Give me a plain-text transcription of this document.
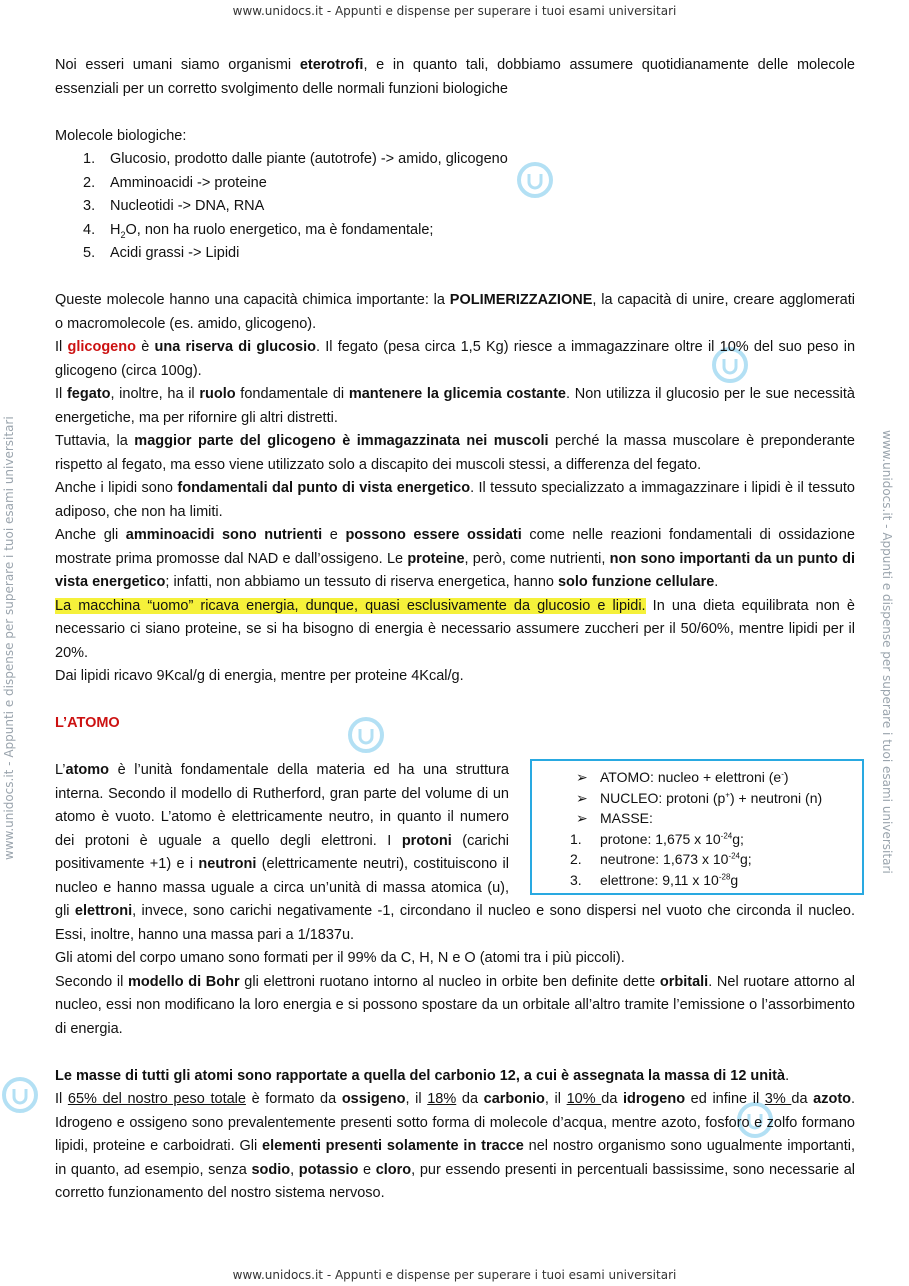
www.unidocs.it - Appunti e dispense per superare i tuoi esami universitari
www.unidocs.it - Appunti e dispense per superare i tuoi esami universitari
www.unidocs.it - Appunti e dispense per superare i tuoi esami universitari	www.unidocs.it - Appunti e dispense per superare i tuoi esami universitari

Noi esseri umani siamo organismi eterotrofi, e in quanto tali, dobbiamo assumere quotidianamente delle molecole essenziali per un corretto svolgimento delle normali funzioni biologiche

Molecole biologiche:

1. Glucosio, prodotto dalle piante (autotrofe) -> amido, glicogeno
2. Amminoacidi -> proteine
3. Nucleotidi -> DNA, RNA
4. $H_2O$, non ha ruolo energetico, ma è fondamentale;
5. Acidi grassi -> Lipidi

Queste molecole hanno una capacità chimica importante: la POLIMERIZZAZIONE, la capacità di unire, creare agglomerati o macromolecole (es. amido, glicogeno).

Il glicogeno è una riserva di glucosio. Il fegato (pesa circa 1,5 Kg) riesce a immagazzinare oltre il 10% del suo peso in glicogeno (circa 100g).

Il fegato, inoltre, ha il ruolo fondamentale di mantenere la glicemia costante. Non utilizza il glucosio per le sue necessità energetiche, ma per rifornire gli altri distretti.

Tuttavia, la maggior parte del glicogeno è immagazzinata nei muscoli perché la massa muscolare è preponderante rispetto al fegato, ma esso viene utilizzato solo a discapito dei muscoli stessi, a differenza del fegato.

Anche i lipidi sono fondamentali dal punto di vista energetico. Il tessuto specializzato a immagazzinare i lipidi è il tessuto adiposo, che non ha limiti.

Anche gli amminoacidi sono nutrienti e possono essere ossidati come nelle reazioni fondamentali di ossidazione mostrate prima promosse dal NAD e dall’ossigeno. Le proteine, però, come nutrienti, non sono importanti da un punto di vista energetico; infatti, non abbiamo un tessuto di riserva energetica, hanno solo funzione cellulare.

La macchina “uomo” ricava energia, dunque, quasi esclusivamente da glucosio e lipidi. In una dieta equilibrata non è necessario ci siano proteine, se si ha bisogno di energia è necessario assumere zuccheri per il 50/60%, mentre lipidi per il 20%.

Dai lipidi ricavo 9Kcal/g di energia, mentre per proteine 4Kcal/g.

L’ATOMO

➢ ATOMO: nucleo + elettroni (e-)
➢ NUCLEO: protoni (p+) + neutroni (n)
➢ MASSE:
1. protone: 1,675 x $10^{-24}g$;
2. neutrone: 1,673 x $10^{-24}g$;
3. elettrone: 9,11 x $10^{-28}g$

L’atomo è l’unità fondamentale della materia ed ha una struttura interna. Secondo il modello di Rutherford, gran parte del volume di un atomo è vuoto. L’atomo è elettricamente neutro, in quanto il numero dei protoni è uguale a quello degli elettroni. I protoni (carichi positivamente +1) e i neutroni (elettricamente neutri), costituiscono il nucleo e hanno massa uguale a circa un’unità di massa atomica (u), gli elettroni, invece, sono carichi negativamente -1, circondano il nucleo e sono dispersi nel vuoto che circonda il nucleo. Essi, inoltre, hanno una massa pari a 1/1837u.

Gli atomi del corpo umano sono formati per il 99% da C, H, N e O (atomi tra i più piccoli).

Secondo il modello di Bohr gli elettroni ruotano intorno al nucleo in orbite ben definite dette orbitali. Nel ruotare attorno al nucleo, essi non modificano la loro energia e si possono spostare da un orbitale all’altro tramite l’emissione o l’assorbimento di energia.

Le masse di tutti gli atomi sono rapportate a quella del carbonio 12, a cui è assegnata la massa di 12 unità.

Il 65% del nostro peso totale è formato da ossigeno, il 18% da carbonio, il 10% da idrogeno ed infine il 3% da azoto. Idrogeno e ossigeno sono prevalentemente presenti sotto forma di molecole d’acqua, mentre azoto, fosforo e zolfo formano lipidi, proteine e carboidrati. Gli elementi presenti solamente in tracce nel nostro organismo sono ugualmente importanti, in quanto, ad esempio, senza sodio, potassio e cloro, pur essendo presenti in percentuali bassissime, sono necessarie al corretto funzionamento del nostro sistema nervoso.
